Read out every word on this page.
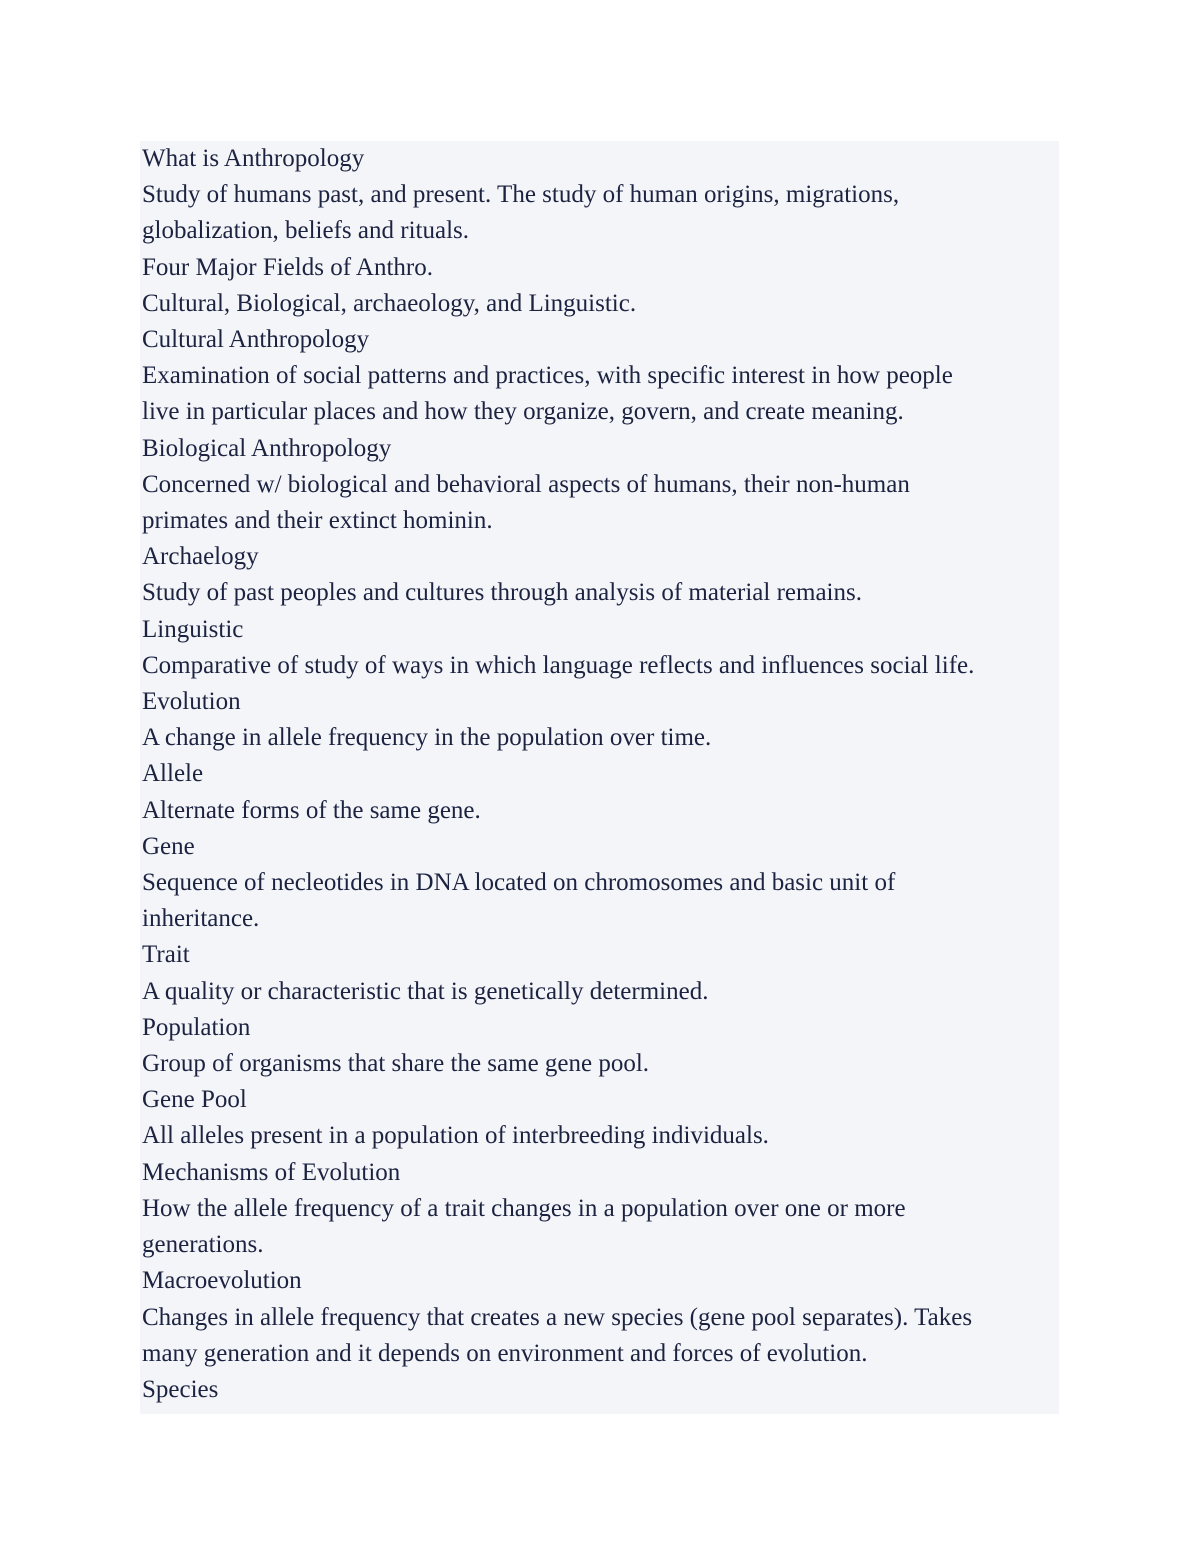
What is Anthropology

Study of humans past, and present. The study of human origins, migrations,

globalization, beliefs and rituals.

Four Major Fields of Anthro.

Cultural, Biological, archaeology, and Linguistic.

Cultural Anthropology

Examination of social patterns and practices, with specific interest in how people

live in particular places and how they organize, govern, and create meaning.

Biological Anthropology

Concerned w/ biological and behavioral aspects of humans, their non-human

primates and their extinct hominin.

Archaelogy

Study of past peoples and cultures through analysis of material remains.

Linguistic

Comparative of study of ways in which language reflects and influences social life.

Evolution

A change in allele frequency in the population over time.

Allele

Alternate forms of the same gene.

Gene

Sequence of necleotides in DNA located on chromosomes and basic unit of

inheritance.

Trait

A quality or characteristic that is genetically determined.

Population

Group of organisms that share the same gene pool.

Gene Pool

All alleles present in a population of interbreeding individuals.

Mechanisms of Evolution

How the allele frequency of a trait changes in a population over one or more

generations.

Macroevolution

Changes in allele frequency that creates a new species (gene pool separates). Takes

many generation and it depends on environment and forces of evolution.

Species
